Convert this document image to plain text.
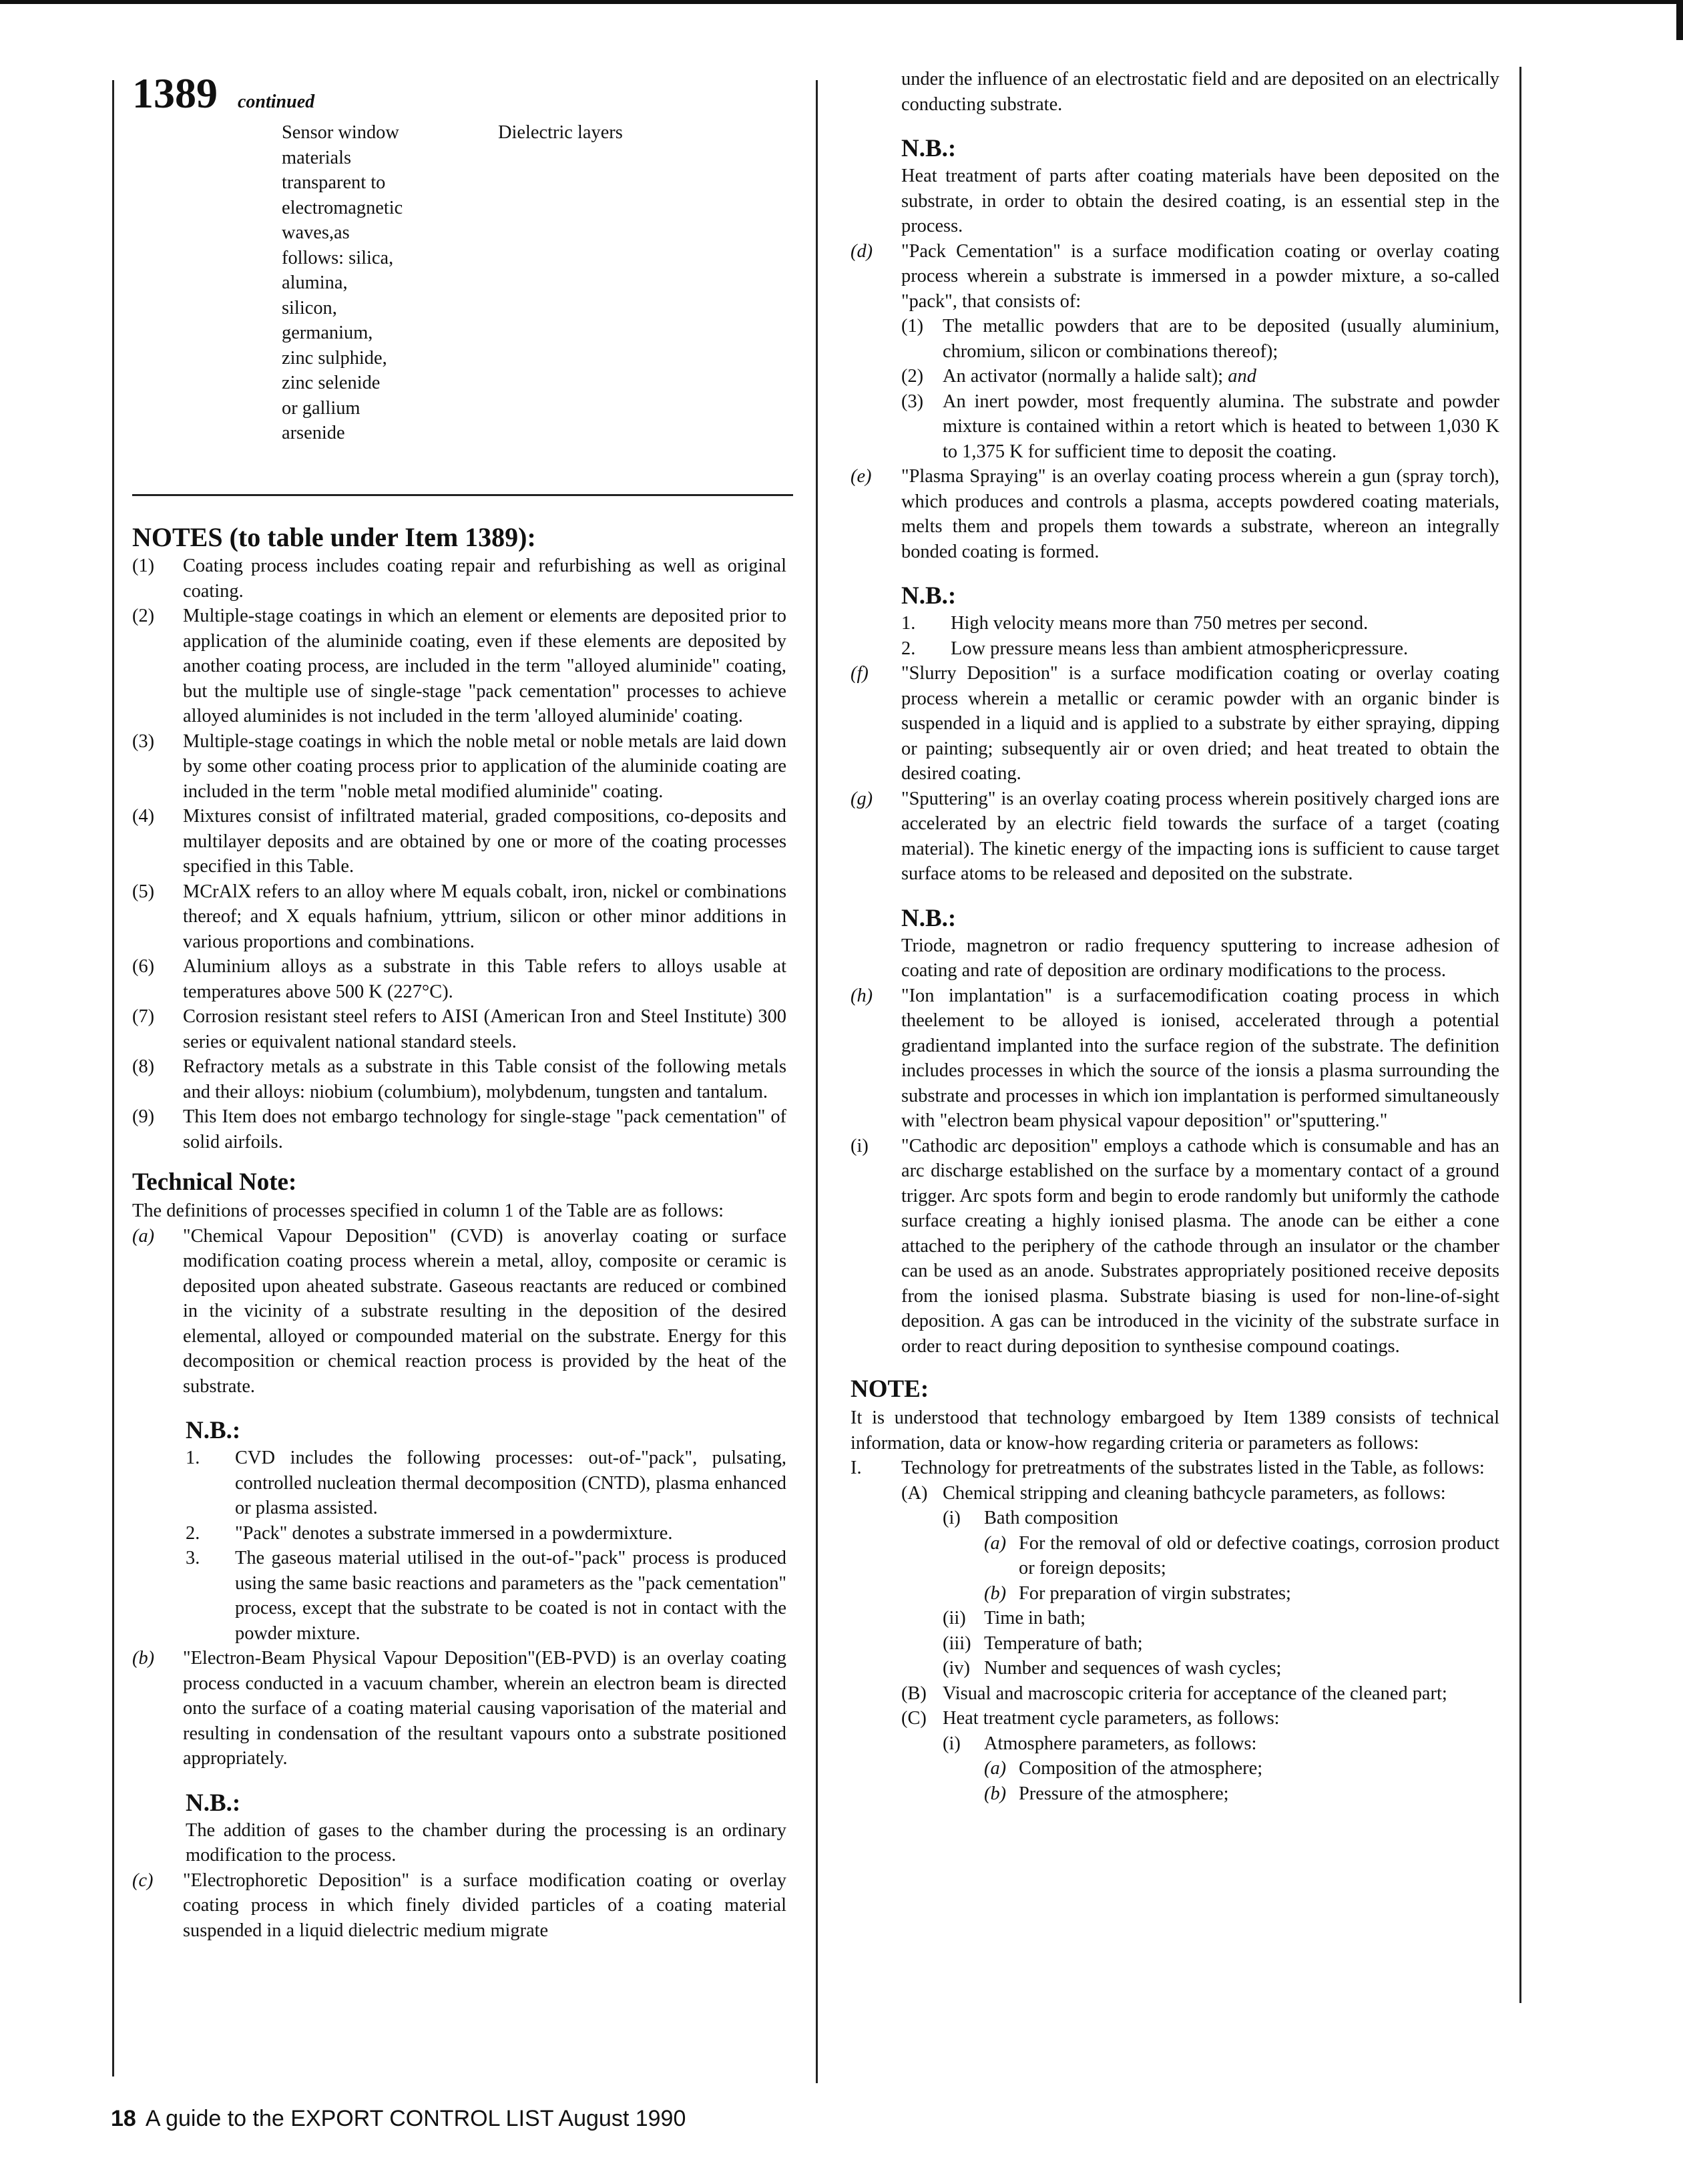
1389 continued
Sensor window
materials
transparent to
electromagnetic
waves,as
follows: silica,
alumina,
silicon,
germanium,
zinc sulphide,
zinc selenide
or gallium
arsenide
Dielectric layers
NOTES (to table under Item 1389):
(1) Coating process includes coating repair and refurbishing as well as original coating.
(2) Multiple-stage coatings in which an element or elements are deposited prior to application of the aluminide coating, even if these elements are deposited by another coating process, are included in the term "alloyed aluminide" coating, but the multiple use of single-stage "pack cementation" processes to achieve alloyed aluminides is not included in the term 'alloyed aluminide' coating.
(3) Multiple-stage coatings in which the noble metal or noble metals are laid down by some other coating process prior to application of the aluminide coating are included in the term "noble metal modified aluminide" coating.
(4) Mixtures consist of infiltrated material, graded compositions, co-deposits and multilayer deposits and are obtained by one or more of the coating processes specified in this Table.
(5) MCrAlX refers to an alloy where M equals cobalt, iron, nickel or combinations thereof; and X equals hafnium, yttrium, silicon or other minor additions in various proportions and combinations.
(6) Aluminium alloys as a substrate in this Table refers to alloys usable at temperatures above 500 K (227°C).
(7) Corrosion resistant steel refers to AISI (American Iron and Steel Institute) 300 series or equivalent national standard steels.
(8) Refractory metals as a substrate in this Table consist of the following metals and their alloys: niobium (columbium), molybdenum, tungsten and tantalum.
(9) This Item does not embargo technology for single-stage "pack cementation" of solid airfoils.
Technical Note:

The definitions of processes specified in column 1 of the Table are as follows:

(a) "Chemical Vapour Deposition" (CVD) is anoverlay coating or surface modification coating process wherein a metal, alloy, composite or ceramic is deposited upon aheated substrate. Gaseous reactants are reduced or combined in the vicinity of a substrate resulting in the deposition of the desired elemental, alloyed or compounded material on the substrate. Energy for this decomposition or chemical reaction process is provided by the heat of the substrate.
N.B.:
1. CVD includes the following processes: out-of-"pack", pulsating, controlled nucleation thermal decomposition (CNTD), plasma enhanced or plasma assisted.
2. "Pack" denotes a substrate immersed in a powdermixture.
3. The gaseous material utilised in the out-of-"pack" process is produced using the same basic reactions and parameters as the "pack cementation" process, except that the substrate to be coated is not in contact with the powder mixture.
(b) "Electron-Beam Physical Vapour Deposition"(EB-PVD) is an overlay coating process conducted in a vacuum chamber, wherein an electron beam is directed onto the surface of a coating material causing vaporisation of the material and resulting in condensation of the resultant vapours onto a substrate positioned appropriately.
N.B.:

The addition of gases to the chamber during the processing is an ordinary modification to the process.

(c) "Electrophoretic Deposition" is a surface modification coating or overlay coating process in which finely divided particles of a coating material suspended in a liquid dielectric medium migrate

under the influence of an electrostatic field and are deposited on an electrically conducting substrate.

N.B.:

Heat treatment of parts after coating materials have been deposited on the substrate, in order to obtain the desired coating, is an essential step in the process.

(d) "Pack Cementation" is a surface modification coating or overlay coating process wherein a substrate is immersed in a powder mixture, a so-called "pack", that consists of:
(1) The metallic powders that are to be deposited (usually aluminium, chromium, silicon or combinations thereof);
(2) An activator (normally a halide salt); and
(3) An inert powder, most frequently alumina. The substrate and powder mixture is contained within a retort which is heated to between 1,030 K to 1,375 K for sufficient time to deposit the coating.
(e) "Plasma Spraying" is an overlay coating process wherein a gun (spray torch), which produces and controls a plasma, accepts powdered coating materials, melts them and propels them towards a substrate, whereon an integrally bonded coating is formed.
N.B.:
1. High velocity means more than 750 metres per second.
2. Low pressure means less than ambient atmosphericpressure.
(f) "Slurry Deposition" is a surface modification coating or overlay coating process wherein a metallic or ceramic powder with an organic binder is suspended in a liquid and is applied to a substrate by either spraying, dipping or painting; subsequently air or oven dried; and heat treated to obtain the desired coating.
(g) "Sputtering" is an overlay coating process wherein positively charged ions are accelerated by an electric field towards the surface of a target (coating material). The kinetic energy of the impacting ions is sufficient to cause target surface atoms to be released and deposited on the substrate.
N.B.:

Triode, magnetron or radio frequency sputtering to increase adhesion of coating and rate of deposition are ordinary modifications to the process.

(h) "Ion implantation" is a surfacemodification coating process in which theelement to be alloyed is ionised, accelerated through a potential gradientand implanted into the surface region of the substrate. The definition includes processes in which the source of the ionsis a plasma surrounding the substrate and processes in which ion implantation is performed simultaneously with "electron beam physical vapour deposition" or"sputtering."
(i) "Cathodic arc deposition" employs a cathode which is consumable and has an arc discharge established on the surface by a momentary contact of a ground trigger. Arc spots form and begin to erode randomly but uniformly the cathode surface creating a highly ionised plasma. The anode can be either a cone attached to the periphery of the cathode through an insulator or the chamber can be used as an anode. Substrates appropriately positioned receive deposits from the ionised plasma. Substrate biasing is used for non-line-of-sight deposition. A gas can be introduced in the vicinity of the substrate surface in order to react during deposition to synthesise compound coatings.
NOTE:

It is understood that technology embargoed by Item 1389 consists of technical information, data or know-how regarding criteria or parameters as follows:

I. Technology for pretreatments of the substrates listed in the Table, as follows:
(A) Chemical stripping and cleaning bathcycle parameters, as follows:
(i) Bath composition
(a) For the removal of old or defective coatings, corrosion product or foreign deposits;
(b) For preparation of virgin substrates;
(ii) Time in bath;
(iii) Temperature of bath;
(iv) Number and sequences of wash cycles;
(B) Visual and macroscopic criteria for acceptance of the cleaned part;
(C) Heat treatment cycle parameters, as follows:
(i) Atmosphere parameters, as follows:
(a) Composition of the atmosphere;
(b) Pressure of the atmosphere;
18 A guide to the EXPORT CONTROL LIST August 1990
